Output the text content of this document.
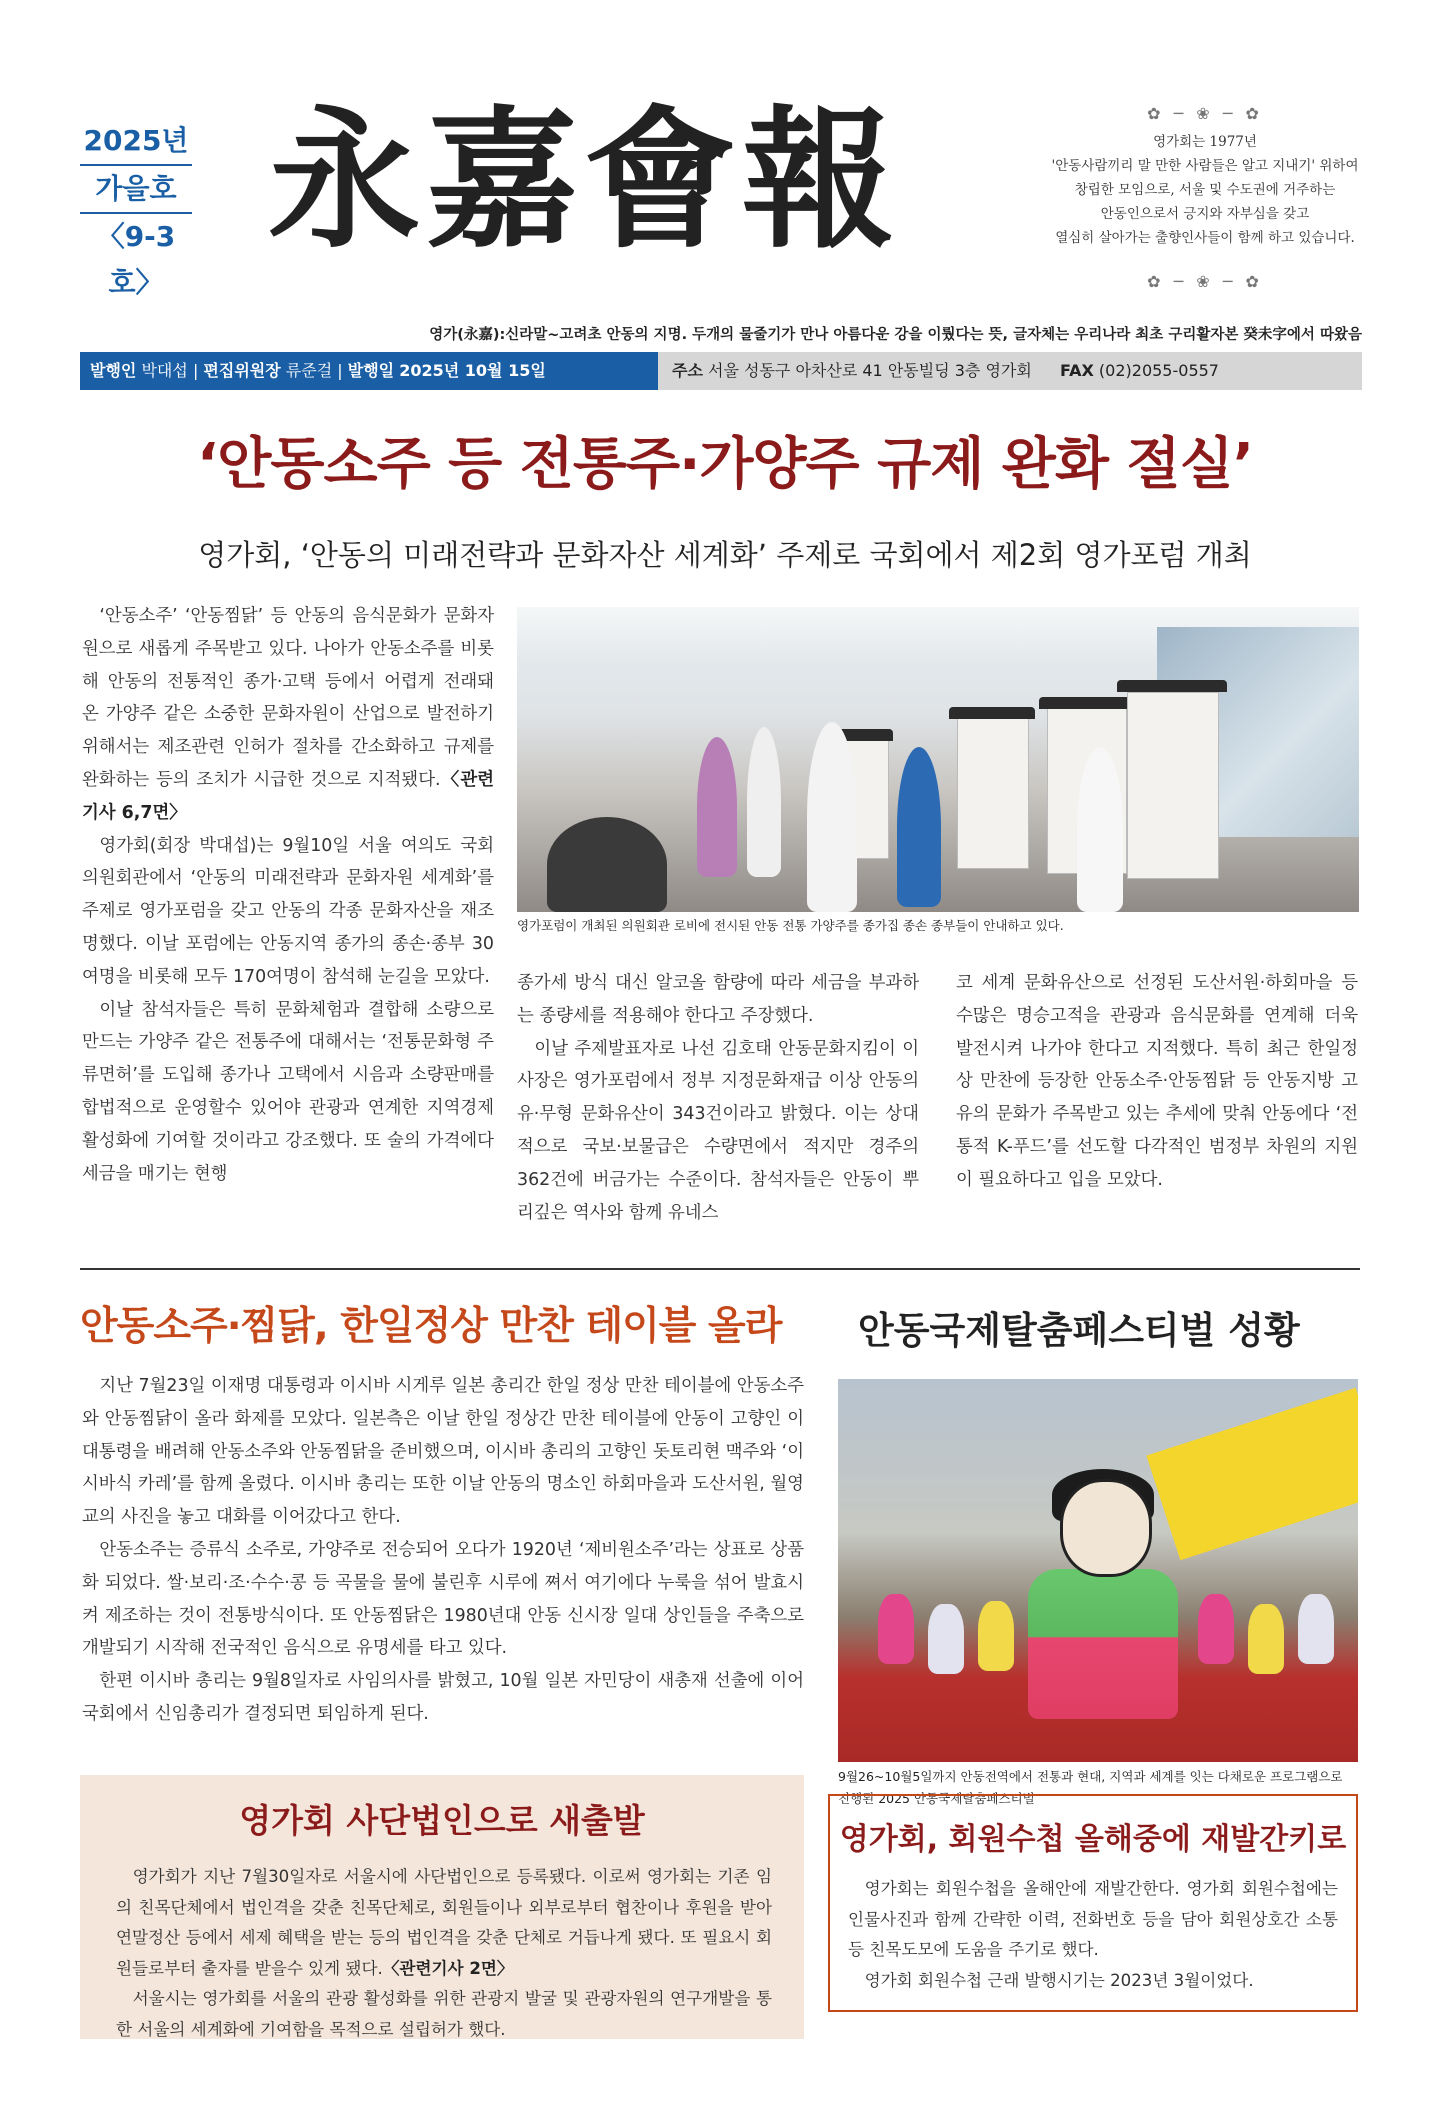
2025년
가을호
〈9-3호〉
永嘉會報	✿ ─ ❀ ─ ✿
영가회는 1977년
'안동사람끼리 말 만한 사람들은 알고 지내기' 위하여
창립한 모임으로, 서울 및 수도권에 거주하는
안동인으로서 긍지와 자부심을 갖고
열심히 살아가는 출향인사들이 함께 하고 있습니다.
✿ ─ ❀ ─ ✿
영가(永嘉):신라말~고려초 안동의 지명. 두개의 물줄기가 만나 아름다운 강을 이뤘다는 뜻, 글자체는 우리나라 최초 구리활자본 癸未字에서 따왔음
발행인 박대섭 | 편집위원장 류준걸 | 발행일 2025년 10월 15일	주소 서울 성동구 아차산로 41 안동빌딩 3층 영가회 FAX (02)2055-0557
‘안동소주 등 전통주·가양주 규제 완화 절실’
영가회, ‘안동의 미래전략과 문화자산 세계화’ 주제로 국회에서 제2회 영가포럼 개최

‘안동소주’ ‘안동찜닭’ 등 안동의 음식문화가 문화자원으로 새롭게 주목받고 있다. 나아가 안동소주를 비롯해 안동의 전통적인 종가·고택 등에서 어렵게 전래돼 온 가양주 같은 소중한 문화자원이 산업으로 발전하기 위해서는 제조관련 인허가 절차를 간소화하고 규제를 완화하는 등의 조치가 시급한 것으로 지적됐다.〈관련기사 6,7면〉

영가회(회장 박대섭)는 9월10일 서울 여의도 국회 의원회관에서 ‘안동의 미래전략과 문화자원 세계화’를 주제로 영가포럼을 갖고 안동의 각종 문화자산을 재조명했다. 이날 포럼에는 안동지역 종가의 종손·종부 30여명을 비롯해 모두 170여명이 참석해 눈길을 모았다.

이날 참석자들은 특히 문화체험과 결합해 소량으로 만드는 가양주 같은 전통주에 대해서는 ‘전통문화형 주류면허’를 도입해 종가나 고택에서 시음과 소량판매를 합법적으로 운영할수 있어야 관광과 연계한 지역경제 활성화에 기여할 것이라고 강조했다. 또 술의 가격에다 세금을 매기는 현행

영가포럼이 개최된 의원회관 로비에 전시된 안동 전통 가양주를 종가집 종손 종부들이 안내하고 있다.

종가세 방식 대신 알코올 함량에 따라 세금을 부과하는 종량세를 적용해야 한다고 주장했다.

이날 주제발표자로 나선 김호태 안동문화지킴이 이사장은 영가포럼에서 정부 지정문화재급 이상 안동의 유·무형 문화유산이 343건이라고 밝혔다. 이는 상대적으로 국보·보물급은 수량면에서 적지만 경주의 362건에 버금가는 수준이다. 참석자들은 안동이 뿌리깊은 역사와 함께 유네스

코 세계 문화유산으로 선정된 도산서원·하회마을 등 수많은 명승고적을 관광과 음식문화를 연계해 더욱 발전시켜 나가야 한다고 지적했다. 특히 최근 한일정상 만찬에 등장한 안동소주·안동찜닭 등 안동지방 고유의 문화가 주목받고 있는 추세에 맞춰 안동에다 ‘전통적 K-푸드’를 선도할 다각적인 범정부 차원의 지원이 필요하다고 입을 모았다.

안동소주·찜닭, 한일정상 만찬 테이블 올라 안동국제탈춤페스티벌 성황

지난 7월23일 이재명 대통령과 이시바 시게루 일본 총리간 한일 정상 만찬 테이블에 안동소주와 안동찜닭이 올라 화제를 모았다. 일본측은 이날 한일 정상간 만찬 테이블에 안동이 고향인 이 대통령을 배려해 안동소주와 안동찜닭을 준비했으며, 이시바 총리의 고향인 돗토리현 맥주와 ‘이시바식 카레’를 함께 올렸다. 이시바 총리는 또한 이날 안동의 명소인 하회마을과 도산서원, 월영교의 사진을 놓고 대화를 이어갔다고 한다.

안동소주는 증류식 소주로, 가양주로 전승되어 오다가 1920년 ‘제비원소주’라는 상표로 상품화 되었다. 쌀·보리·조·수수·콩 등 곡물을 물에 불린후 시루에 쪄서 여기에다 누룩을 섞어 발효시켜 제조하는 것이 전통방식이다. 또 안동찜닭은 1980년대 안동 신시장 일대 상인들을 주축으로 개발되기 시작해 전국적인 음식으로 유명세를 타고 있다.

한편 이시바 총리는 9월8일자로 사임의사를 밝혔고, 10월 일본 자민당이 새총재 선출에 이어 국회에서 신임총리가 결정되면 퇴임하게 된다.

9월26~10월5일까지 안동전역에서 전통과 현대, 지역과 세계를 잇는 다채로운 프로그램으로 진행된 2025 안동국제탈춤페스티벌
영가회 사단법인으로 새출발

영가회가 지난 7월30일자로 서울시에 사단법인으로 등록됐다. 이로써 영가회는 기존 임의 친목단체에서 법인격을 갖춘 친목단체로, 회원들이나 외부로부터 협찬이나 후원을 받아 연말정산 등에서 세제 혜택을 받는 등의 법인격을 갖춘 단체로 거듭나게 됐다. 또 필요시 회원들로부터 출자를 받을수 있게 됐다.〈관련기사 2면〉

서울시는 영가회를 서울의 관광 활성화를 위한 관광지 발굴 및 관광자원의 연구개발을 통한 서울의 세계화에 기여함을 목적으로 설립허가 했다.

영가회, 회원수첩 올해중에 재발간키로

영가회는 회원수첩을 올해안에 재발간한다. 영가회 회원수첩에는 인물사진과 함께 간략한 이력, 전화번호 등을 담아 회원상호간 소통 등 친목도모에 도움을 주기로 했다.

영가회 회원수첩 근래 발행시기는 2023년 3월이었다.
